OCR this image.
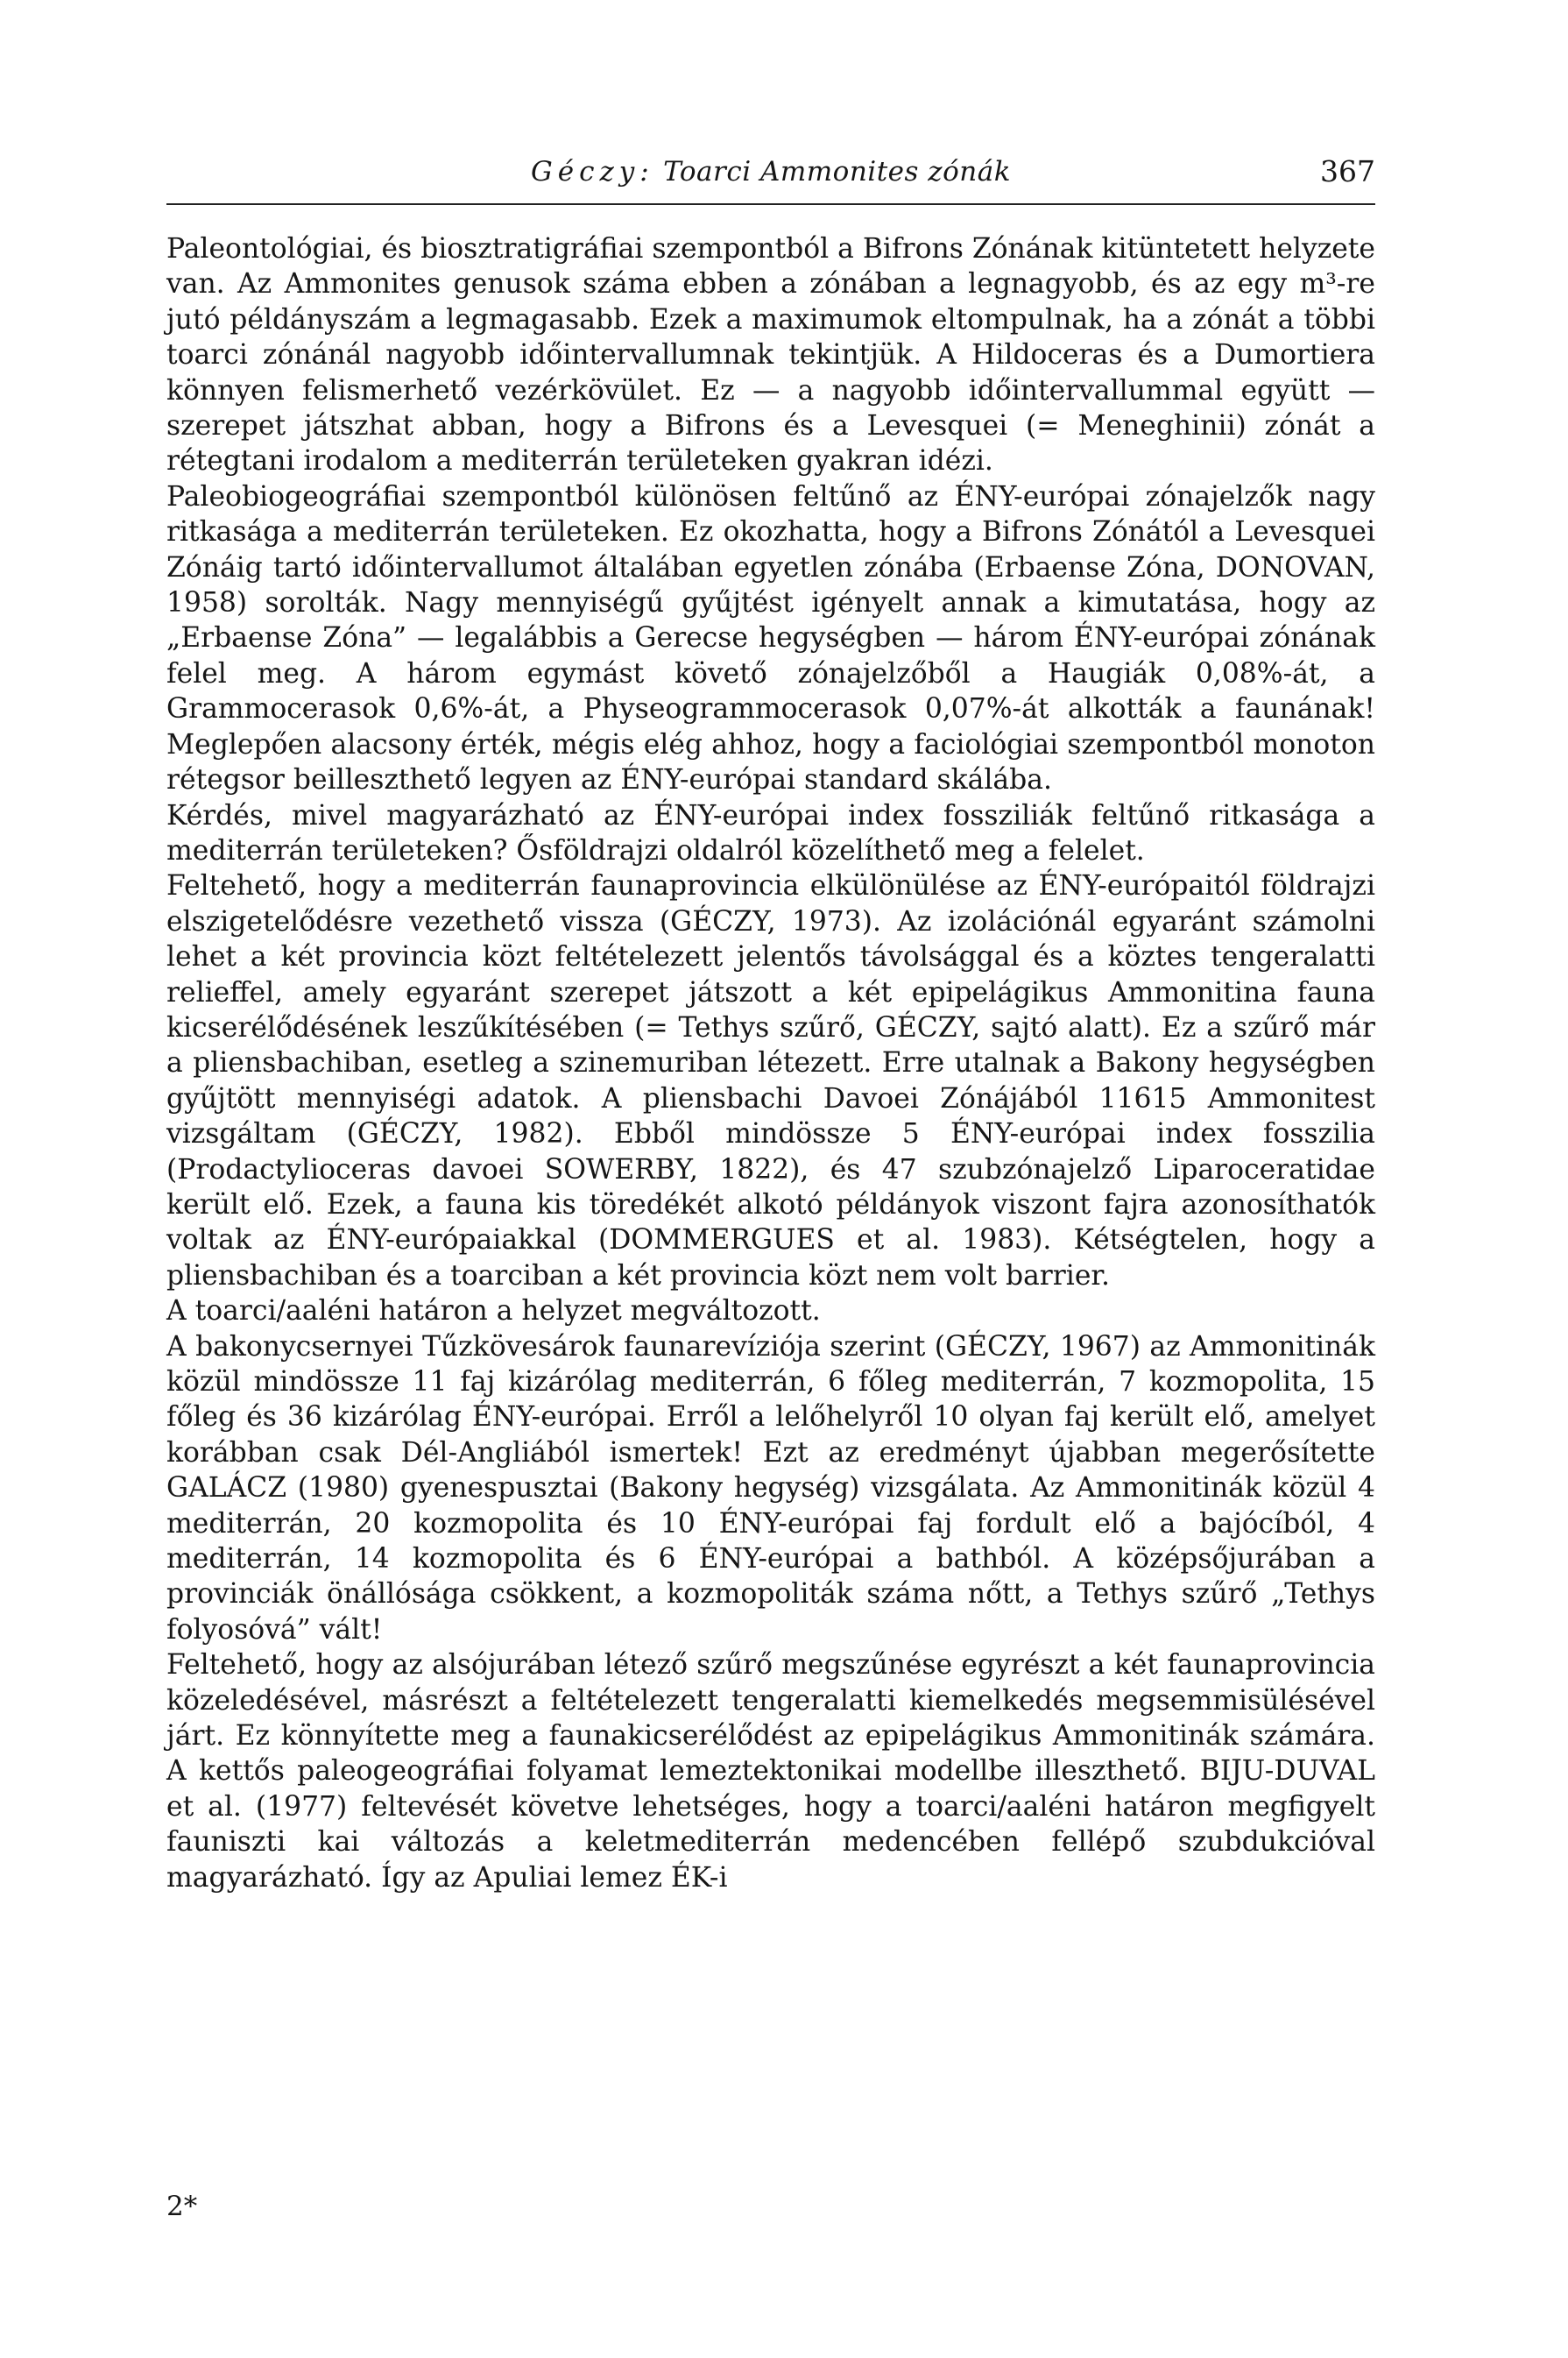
Géczy: Toarci Ammonites zónák	367

Paleontológiai, és biosztratigráfiai szempontból a Bifrons Zónának kitüntetett helyzete van. Az Ammonites genusok száma ebben a zónában a legnagyobb, és az egy m³-re jutó példányszám a legmagasabb. Ezek a maximumok eltompulnak, ha a zónát a többi toarci zónánál nagyobb időintervallumnak tekintjük. A Hildoceras és a Dumortiera könnyen felismerhető vezérkövület. Ez — a nagyobb időintervallummal együtt — szerepet játszhat abban, hogy a Bifrons és a Levesquei (= Meneghinii) zónát a rétegtani irodalom a mediterrán területeken gyakran idézi.

Paleobiogeográfiai szempontból különösen feltűnő az ÉNY-európai zónajelzők nagy ritkasága a mediterrán területeken. Ez okozhatta, hogy a Bifrons Zónától a Levesquei Zónáig tartó időintervallumot általában egyetlen zónába (Erbaense Zóna, DONOVAN, 1958) sorolták. Nagy mennyiségű gyűjtést igényelt annak a kimutatása, hogy az „Erbaense Zóna” — legalábbis a Gerecse hegységben — három ÉNY-európai zónának felel meg. A három egymást követő zónajelzőből a Haugiák 0,08%-át, a Grammocerasok 0,6%-át, a Physeogrammocerasok 0,07%-át alkották a faunának! Meglepően alacsony érték, mégis elég ahhoz, hogy a faciológiai szempontból monoton rétegsor beilleszthető legyen az ÉNY-európai standard skálába.

Kérdés, mivel magyarázható az ÉNY-európai index fossziliák feltűnő ritkasága a mediterrán területeken? Ősföldrajzi oldalról közelíthető meg a felelet.

Feltehető, hogy a mediterrán faunaprovincia elkülönülése az ÉNY-európaitól földrajzi elszigetelődésre vezethető vissza (GÉCZY, 1973). Az izolációnál egyaránt számolni lehet a két provincia közt feltételezett jelentős távolsággal és a köztes tengeralatti relieffel, amely egyaránt szerepet játszott a két epipelágikus Ammonitina fauna kicserélődésének leszűkítésében (= Tethys szűrő, GÉCZY, sajtó alatt). Ez a szűrő már a pliensbachiban, esetleg a szinemuriban létezett. Erre utalnak a Bakony hegységben gyűjtött mennyiségi adatok. A pliensbachi Davoei Zónájából 11615 Ammonitest vizsgáltam (GÉCZY, 1982). Ebből mindössze 5 ÉNY-európai index fosszilia (Prodactylioceras davoei SOWERBY, 1822), és 47 szubzónajelző Liparoceratidae került elő. Ezek, a fauna kis töredékét alkotó példányok viszont fajra azonosíthatók voltak az ÉNY-európaiakkal (DOMMERGUES et al. 1983). Kétségtelen, hogy a pliensbachiban és a toarciban a két provincia közt nem volt barrier.

A toarci/aaléni határon a helyzet megváltozott.

A bakonycsernyei Tűzkövesárok faunarevíziója szerint (GÉCZY, 1967) az Ammonitinák közül mindössze 11 faj kizárólag mediterrán, 6 főleg mediterrán, 7 kozmopolita, 15 főleg és 36 kizárólag ÉNY-európai. Erről a lelőhelyről 10 olyan faj került elő, amelyet korábban csak Dél-Angliából ismertek! Ezt az eredményt újabban megerősítette GALÁCZ (1980) gyenespusztai (Bakony hegység) vizsgálata. Az Ammonitinák közül 4 mediterrán, 20 kozmopolita és 10 ÉNY-európai faj fordult elő a bajócíból, 4 mediterrán, 14 kozmopolita és 6 ÉNY-európai a bathból. A középsőjurában a provinciák önállósága csökkent, a kozmopoliták száma nőtt, a Tethys szűrő „Tethys folyosóvá” vált!

Feltehető, hogy az alsójurában létező szűrő megszűnése egyrészt a két faunaprovincia közeledésével, másrészt a feltételezett tengeralatti kiemelkedés megsemmisülésével járt. Ez könnyítette meg a faunakicserélődést az epipelágikus Ammonitinák számára. A kettős paleogeográfiai folyamat lemeztektonikai modellbe illeszthető. BIJU-DUVAL et al. (1977) feltevését követve lehetséges, hogy a toarci/aaléni határon megfigyelt fauniszti kai változás a keletmediterrán medencében fellépő szubdukcióval magyarázható. Így az Apuliai lemez ÉK-i

2*
